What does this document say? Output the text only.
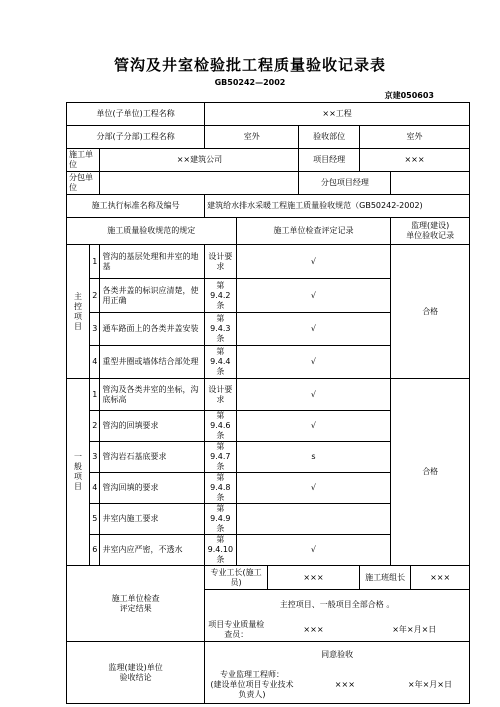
管沟及井室检验批工程质量验收记录表
GB50242—2002
京建050603
单位(子单位)工程名称			××工程						
分部(子分部)工程名称			室外			验收部位	室外		
施工单位		××建筑公司				项目经理	×××		
分包单位						分包项目经理			
施工执行标准名称及编号			建筑给水排水采暖工程施工质量验收规范（GB50242-2002)						
施工质量验收规范的规定				施工单位检查评定记录				监理(建设)
单位验收记录	
主
控
项
目	1	管沟的基层处理和井室的地基	设计要求	√				合格	
	2	各类井盖的标识应清楚，使用正确	第9.4.2条	√					
	3	通车路面上的各类井盖安装	第9.4.3条	√					
	4	重型井圈或墙体结合部处理	第9.4.4条	√					
一
般
项
目	1	管沟及各类井室的坐标，沟底标高	设计要求	√				合格	
	2	管沟的回填要求	第9.4.6条	√					
	3	管沟岩石基底要求	第9.4.7条	s					
	4	管沟回填的要求	第9.4.8条	√					
	5	井室内施工要求	第9.4.9条						
	6	井室内应严密，不透水	第9.4.10条	√					
施工单位检查
评定结果			专业工长(施工员)		×××		施工班组长		×××
			主控项目、一般项目全部合格 。						
			项目专业质量检查员：		×××		×年×月×日		
监理(建设)单位
验收结论			同意验收						
			专业监理工程师：
(建设单位项目专业技术负责人)			×××		×年×月×日	
